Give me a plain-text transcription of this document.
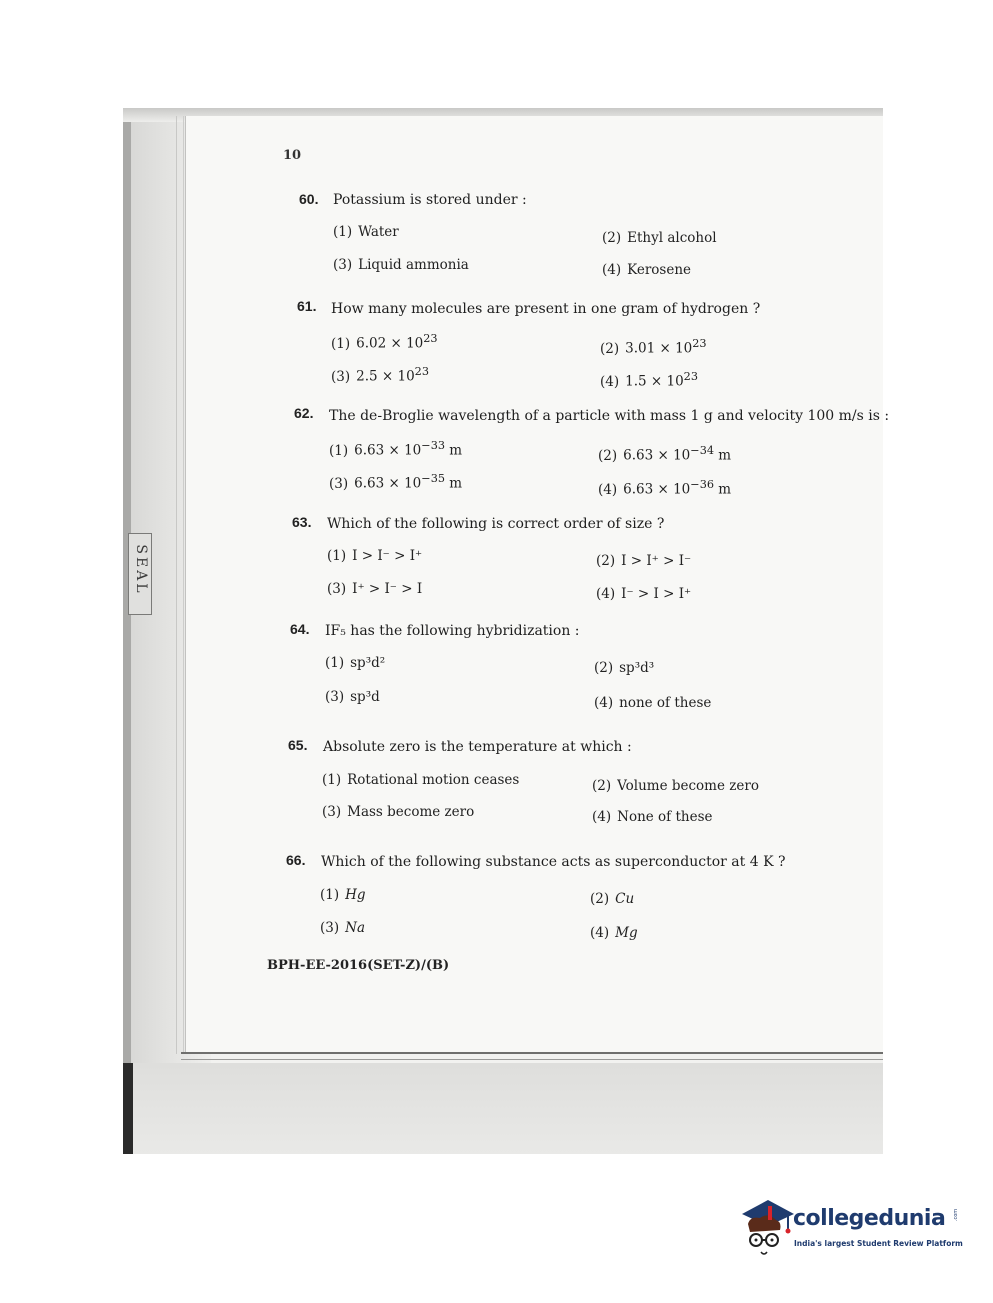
SEAL
10
60. Potassium is stored under :
(1) Water	(2) Ethyl alcohol
(3) Liquid ammonia	(4) Kerosene
61. How many molecules are present in one gram of hydrogen ?
(1) $6.02 \times 10^{23}$
(2) $3.01 \times 10^{23}$
(3) $2.5 \times 10^{23}$
(4) $1.5 \times 10^{23}$
62. The de-Broglie wavelength of a particle with mass 1 g and velocity 100 m/s is :
(1) $6.63 \times 10^{-33}$ m	(2) $6.63 \times 10^{-34}$ m
(3) $6.63 \times 10^{-35}$ m	(4) $6.63 \times 10^{-36}$ m
63. Which of the following is correct order of size ?
(1) I > I⁻ > I⁺	(2) I > I⁺ > I⁻
(3) I⁺ > I⁻ > I	(4) I⁻ > I > I⁺
64. IF₅ has the following hybridization :
(1) sp³d²	(2) sp³d³
(3) sp³d	(4) none of these
65. Absolute zero is the temperature at which :
(1) Rotational motion ceases	(2) Volume become zero
(3) Mass become zero	(4) None of these
66. Which of the following substance acts as superconductor at 4 K ?
(1) Hg	(2) Cu
(3) Na	(4) Mg
BPH-EE-2016(SET-Z)/(B)
collegedunia .com
India's largest Student Review Platform
